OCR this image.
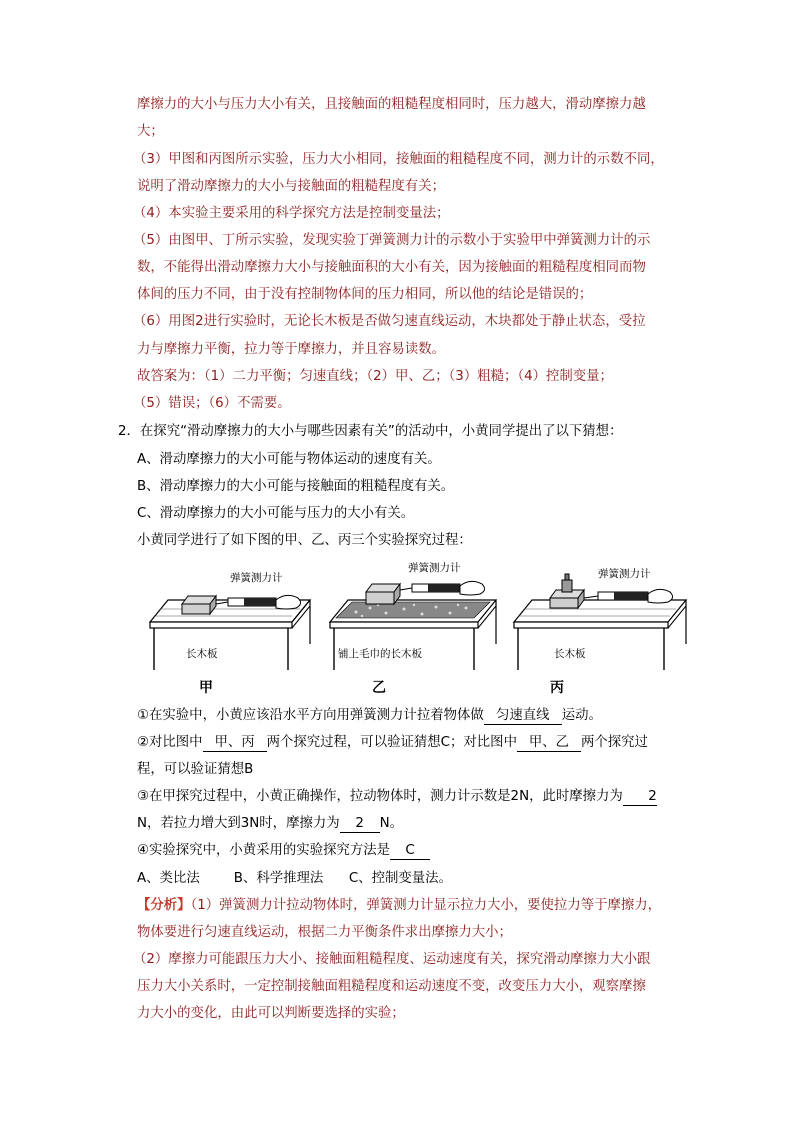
摩擦力的大小与压力大小有关，且接触面的粗糙程度相同时，压力越大，滑动摩擦力越
大；
（3）甲图和丙图所示实验，压力大小相同，接触面的粗糙程度不同，测力计的示数不同，
说明了滑动摩擦力的大小与接触面的粗糙程度有关；
（4）本实验主要采用的科学探究方法是控制变量法；
（5）由图甲、丁所示实验，发现实验丁弹簧测力计的示数小于实验甲中弹簧测力计的示
数，不能得出滑动摩擦力大小与接触面积的大小有关，因为接触面的粗糙程度相同而物
体间的压力不同，由于没有控制物体间的压力相同，所以他的结论是错误的；
（6）用图2进行实验时，无论长木板是否做匀速直线运动，木块都处于静止状态，受拉
力与摩擦力平衡，拉力等于摩擦力，并且容易读数。
故答案为：（1）二力平衡；匀速直线；（2）甲、乙；（3）粗糙；（4）控制变量；
（5）错误；（6）不需要。
2．在探究“滑动摩擦力的大小与哪些因素有关”的活动中，小黄同学提出了以下猜想：
A、滑动摩擦力的大小可能与物体运动的速度有关。
B、滑动摩擦力的大小可能与接触面的粗糙程度有关。
C、滑动摩擦力的大小可能与压力的大小有关。
小黄同学进行了如下图的甲、乙、丙三个实验探究过程：
弹簧测力计
长木板
甲
弹簧测力计
铺上毛巾的长木板
乙
弹簧测力计
长木板
丙
①在实验中，小黄应该沿水平方向用弹簧测力计拉着物体做 匀速直线 运动。
②对比图中 甲、丙 两个探究过程，可以验证猜想C；对比图中 甲、乙 两个探究过
程，可以验证猜想B
③在甲探究过程中，小黄正确操作，拉动物体时，测力计示数是2N，此时摩擦力为 2
N，若拉力增大到3N时，摩擦力为 2 N。
④实验探究中，小黄采用的实验探究方法是 C
A、类比法        B、科学推理法      C、控制变量法。
【分析】（1）弹簧测力计拉动物体时，弹簧测力计显示拉力大小，要使拉力等于摩擦力，
物体要进行匀速直线运动，根据二力平衡条件求出摩擦力大小；
（2）摩擦力可能跟压力大小、接触面粗糙程度、运动速度有关，探究滑动摩擦力大小跟
压力大小关系时，一定控制接触面粗糙程度和运动速度不变，改变压力大小，观察摩擦
力大小的变化，由此可以判断要选择的实验；
